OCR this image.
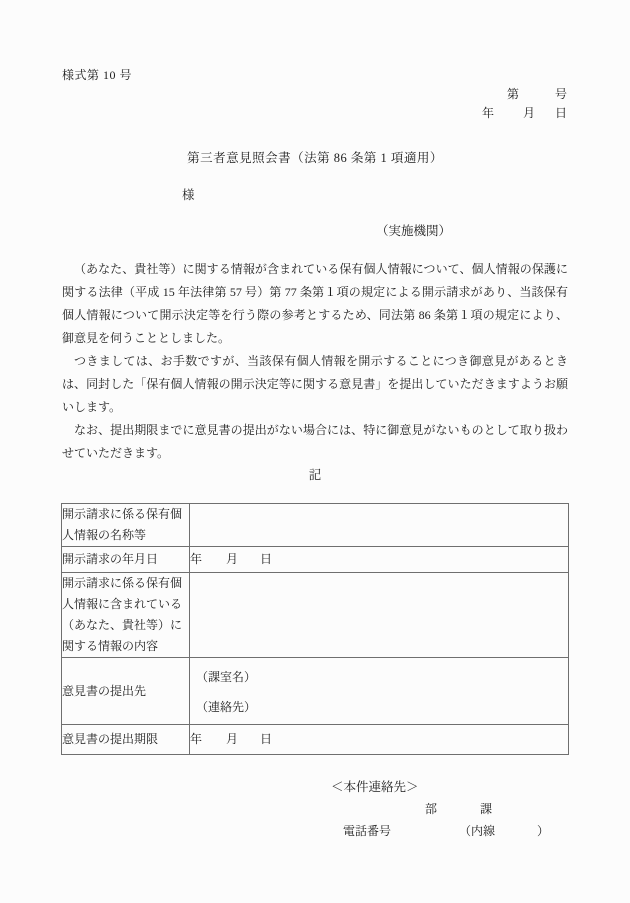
様式第 10 号
第	号
年 月 日
第三者意見照会書（法第 86 条第 1 項適用）
様
（実施機関）

（あなた、貴社等）に関する情報が含まれている保有個人情報について、個人情報の保護に関する法律（平成 15 年法律第 57 号）第 77 条第１項の規定による開示請求があり、当該保有個人情報について開示決定等を行う際の参考とするため、同法第 86 条第１項の規定により、御意見を伺うこととしました。

つきましては、お手数ですが、当該保有個人情報を開示することにつき御意見があるときは、同封した「保有個人情報の開示決定等に関する意見書」を提出していただきますようお願いします。

なお、提出期限までに意見書の提出がない場合には、特に御意見がないものとして取り扱わせていただきます。

記
開示請求に係る保有個人情報の名称等	
開示請求の年月日	年 月 日
開示請求に係る保有個人情報に含まれている（あなた、貴社等）に関する情報の内容	
意見書の提出先	（課室名）
（連絡先）

意見書の提出期限	年 月 日
＜本件連絡先＞
部	課
電話番号	（内線	）
